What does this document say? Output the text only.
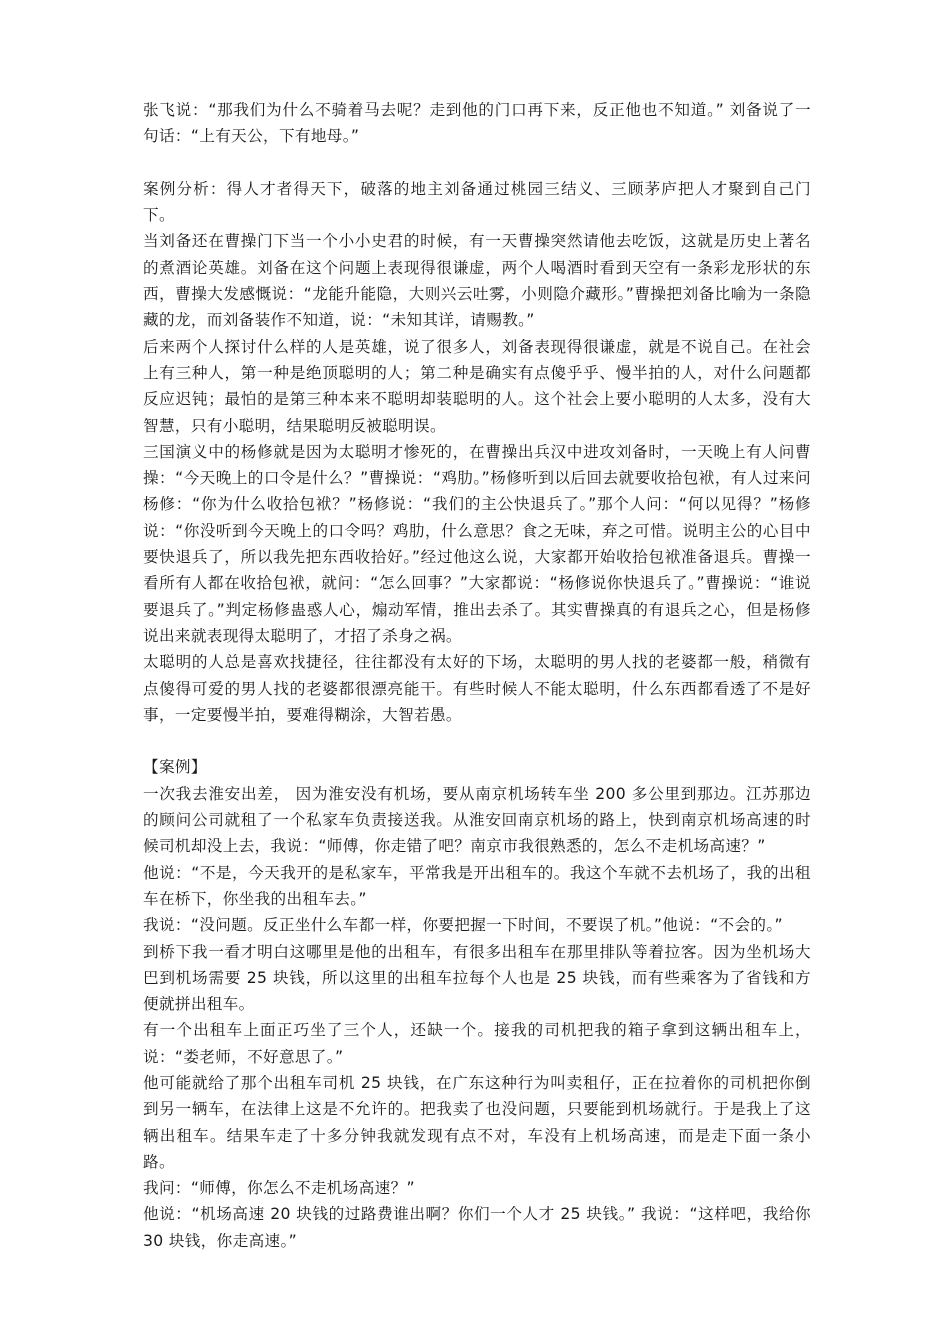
张飞说：“那我们为什么不骑着马去呢？走到他的门口再下来，反正他也不知道。” 刘备说了一句话：“上有天公，下有地母。”

案例分析：得人才者得天下，破落的地主刘备通过桃园三结义、三顾茅庐把人才聚到自己门下。

当刘备还在曹操门下当一个小小史君的时候，有一天曹操突然请他去吃饭，这就是历史上著名的煮酒论英雄。刘备在这个问题上表现得很谦虚，两个人喝酒时看到天空有一条彩龙形状的东西，曹操大发感慨说：“龙能升能隐，大则兴云吐雾，小则隐介藏形。”曹操把刘备比喻为一条隐藏的龙，而刘备装作不知道，说：“未知其详，请赐教。”

后来两个人探讨什么样的人是英雄，说了很多人，刘备表现得很谦虚，就是不说自己。在社会上有三种人，第一种是绝顶聪明的人；第二种是确实有点傻乎乎、慢半拍的人，对什么问题都反应迟钝；最怕的是第三种本来不聪明却装聪明的人。这个社会上要小聪明的人太多，没有大智慧，只有小聪明，结果聪明反被聪明误。

三国演义中的杨修就是因为太聪明才惨死的，在曹操出兵汉中进攻刘备时，一天晚上有人问曹操：“今天晚上的口令是什么？”曹操说：“鸡肋。”杨修听到以后回去就要收拾包袱，有人过来问杨修：“你为什么收拾包袱？”杨修说：“我们的主公快退兵了。”那个人问：“何以见得？”杨修说：“你没听到今天晚上的口令吗？鸡肋，什么意思？食之无味，弃之可惜。说明主公的心目中要快退兵了，所以我先把东西收拾好。”经过他这么说，大家都开始收拾包袱准备退兵。曹操一看所有人都在收拾包袱，就问：“怎么回事？”大家都说：“杨修说你快退兵了。”曹操说：“谁说要退兵了。”判定杨修蛊惑人心，煽动军情，推出去杀了。其实曹操真的有退兵之心，但是杨修说出来就表现得太聪明了，才招了杀身之祸。

太聪明的人总是喜欢找捷径，往往都没有太好的下场，太聪明的男人找的老婆都一般，稍微有点傻得可爱的男人找的老婆都很漂亮能干。有些时候人不能太聪明，什么东西都看透了不是好事，一定要慢半拍，要难得糊涂，大智若愚。

【案例】

一次我去淮安出差， 因为淮安没有机场，要从南京机场转车坐 200 多公里到那边。江苏那边的顾问公司就租了一个私家车负责接送我。从淮安回南京机场的路上，快到南京机场高速的时候司机却没上去，我说：“师傅，你走错了吧？南京市我很熟悉的，怎么不走机场高速？”

他说：“不是，今天我开的是私家车，平常我是开出租车的。我这个车就不去机场了，我的出租车在桥下，你坐我的出租车去。”

我说：“没问题。反正坐什么车都一样，你要把握一下时间，不要误了机。”他说：“不会的。”

到桥下我一看才明白这哪里是他的出租车，有很多出租车在那里排队等着拉客。因为坐机场大巴到机场需要 25 块钱，所以这里的出租车拉每个人也是 25 块钱，而有些乘客为了省钱和方便就拼出租车。

有一个出租车上面正巧坐了三个人，还缺一个。接我的司机把我的箱子拿到这辆出租车上，说：“娄老师，不好意思了。”

他可能就给了那个出租车司机 25 块钱，在广东这种行为叫卖租仔，正在拉着你的司机把你倒到另一辆车，在法律上这是不允许的。把我卖了也没问题，只要能到机场就行。于是我上了这辆出租车。结果车走了十多分钟我就发现有点不对，车没有上机场高速，而是走下面一条小路。

我问：“师傅，你怎么不走机场高速？”

他说：“机场高速 20 块钱的过路费谁出啊？你们一个人才 25 块钱。” 我说：“这样吧，我给你 30 块钱，你走高速。”
